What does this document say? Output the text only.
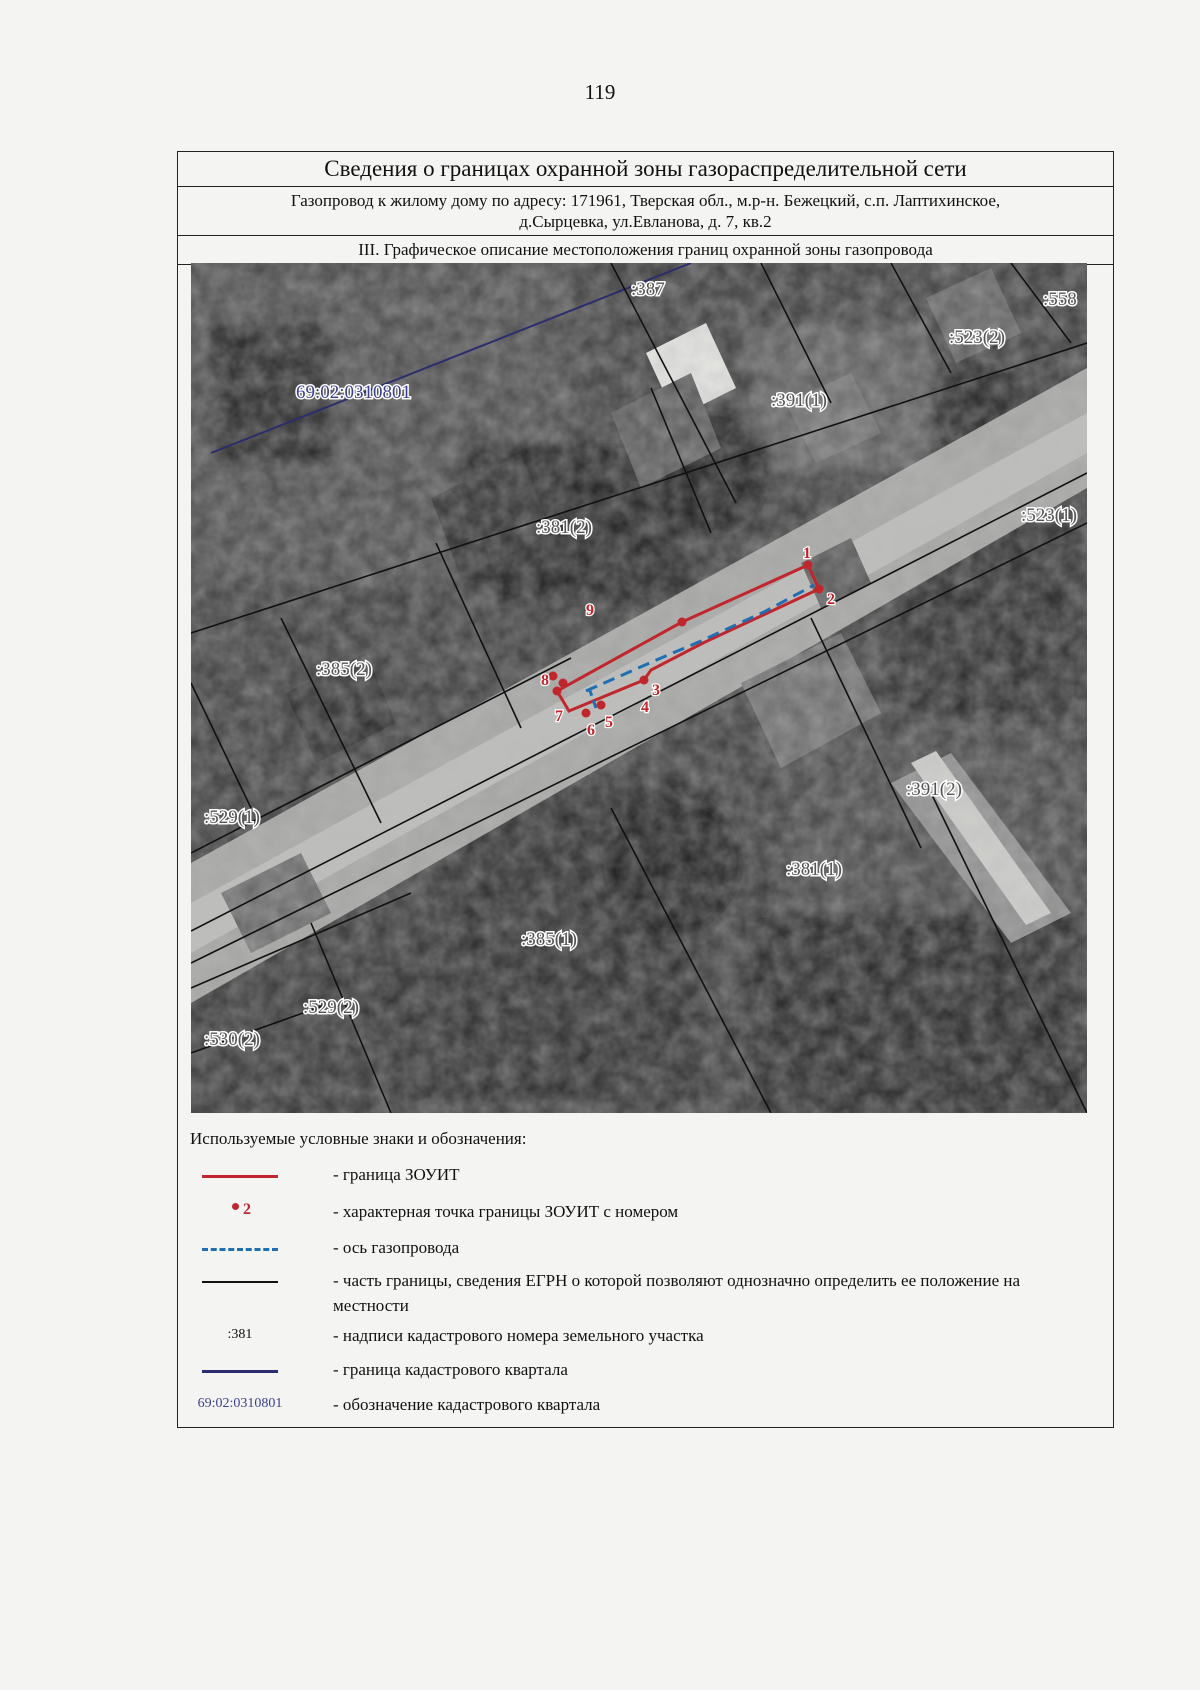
119
Сведения о границах охранной зоны газораспределительной сети
Газопровод к жилому дому по адресу: 171961, Тверская обл., м.р-н. Бежецкий, с.п. Лаптихинское,
д.Сырцевка, ул.Евланова, д. 7, кв.2
III. Графическое описание местоположения границ охранной зоны газопровода
69:02:0310801
:387	:558
:523(2)
:391(1)
:381(2)
:523(1)
:385(2)
:391(2)
:529(1)
:381(1)
:385(1)
:529(2)
:530(2)
1
2
3
4
5
6
7
8
9
Используемые условные знаки и обозначения:
- граница ЗОУИТ
2	- характерная точка границы ЗОУИТ с номером
- ось газопровода
- часть границы, сведения ЕГРН о которой позволяют однозначно определить ее положение на местности
:381	- надписи кадастрового номера земельного участка
- граница кадастрового квартала
69:02:0310801	- обозначение кадастрового квартала
